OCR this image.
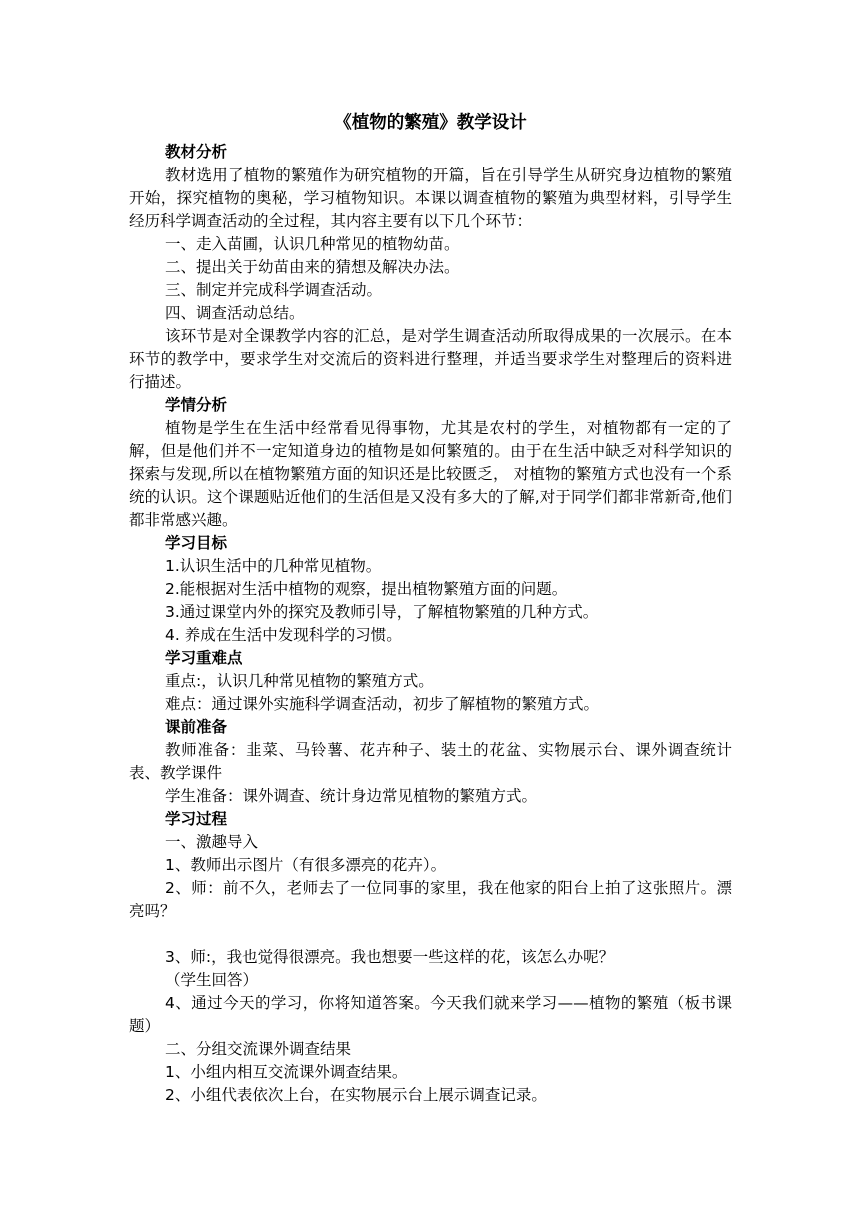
《植物的繁殖》教学设计

教材分析

教材选用了植物的繁殖作为研究植物的开篇，旨在引导学生从研究身边植物的繁殖开始，探究植物的奥秘，学习植物知识。本课以调查植物的繁殖为典型材料，引导学生经历科学调查活动的全过程，其内容主要有以下几个环节：

一、走入苗圃，认识几种常见的植物幼苗。

二、提出关于幼苗由来的猜想及解决办法。

三、制定并完成科学调查活动。

四、调查活动总结。

该环节是对全课教学内容的汇总，是对学生调查活动所取得成果的一次展示。在本环节的教学中，要求学生对交流后的资料进行整理，并适当要求学生对整理后的资料进行描述。

学情分析

植物是学生在生活中经常看见得事物，尤其是农村的学生，对植物都有一定的了解，但是他们并不一定知道身边的植物是如何繁殖的。由于在生活中缺乏对科学知识的探索与发现,所以在植物繁殖方面的知识还是比较匮乏， 对植物的繁殖方式也没有一个系统的认识。这个课题贴近他们的生活但是又没有多大的了解,对于同学们都非常新奇,他们都非常感兴趣。

学习目标

1.认识生活中的几种常见植物。

2.能根据对生活中植物的观察，提出植物繁殖方面的问题。

3.通过课堂内外的探究及教师引导，了解植物繁殖的几种方式。

4. 养成在生活中发现科学的习惯。

学习重难点

重点:，认识几种常见植物的繁殖方式。

难点：通过课外实施科学调查活动，初步了解植物的繁殖方式。

课前准备

教师准备：韭菜、马铃薯、花卉种子、装土的花盆、实物展示台、课外调查统计表、教学课件

学生准备：课外调查、统计身边常见植物的繁殖方式。

学习过程

一、激趣导入

1、教师出示图片（有很多漂亮的花卉）。

2、师：前不久，老师去了一位同事的家里，我在他家的阳台上拍了这张照片。漂亮吗？

3、师:，我也觉得很漂亮。我也想要一些这样的花，该怎么办呢？

（学生回答）

4、通过今天的学习，你将知道答案。今天我们就来学习——植物的繁殖（板书课题）

二、分组交流课外调查结果

1、小组内相互交流课外调查结果。

2、小组代表依次上台，在实物展示台上展示调查记录。
